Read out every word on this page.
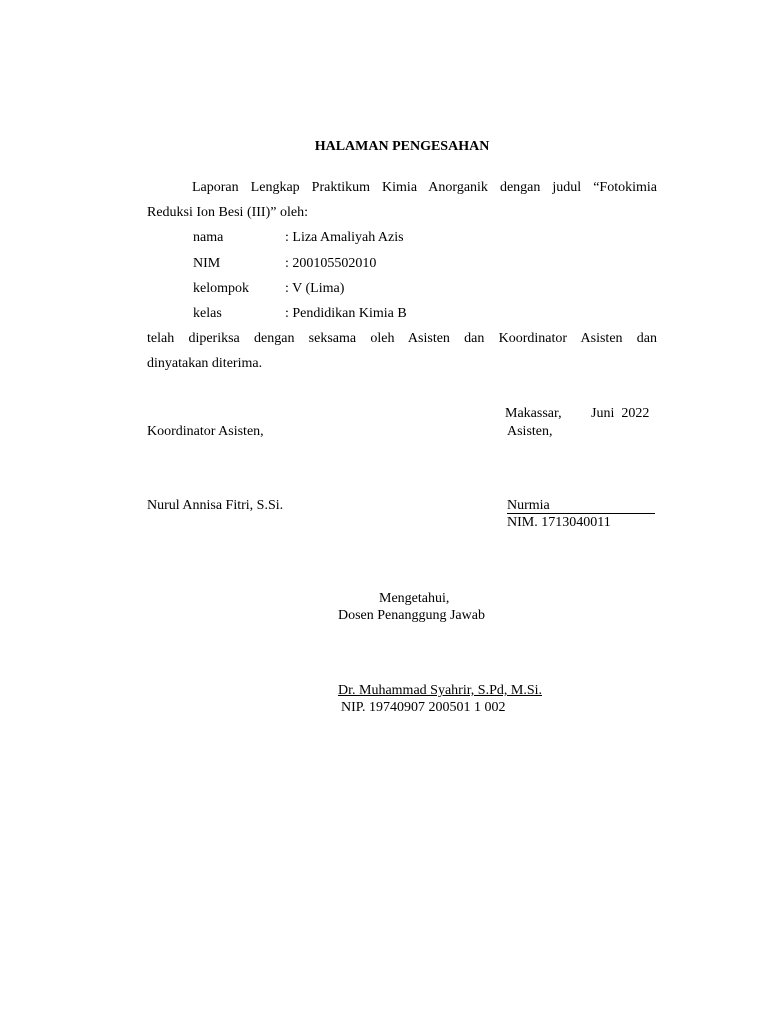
HALAMAN PENGESAHAN
Laporan Lengkap Praktikum Kimia Anorganik dengan judul “Fotokimia
Reduksi Ion Besi (III)” oleh:
nama	: Liza Amaliyah Azis
NIM	: 200105502010
kelompok	: V (Lima)
kelas	: Pendidikan Kimia B
telah diperiksa dengan seksama oleh Asisten dan Koordinator Asisten dan
dinyatakan diterima.
Makassar, Juni  2022
Koordinator Asisten,	Asisten,
Nurul Annisa Fitri, S.Si.	Nurmia
NIM. 1713040011
Mengetahui,
Dosen Penanggung Jawab
Dr. Muhammad Syahrir, S.Pd, M.Si.
NIP. 19740907 200501 1 002
